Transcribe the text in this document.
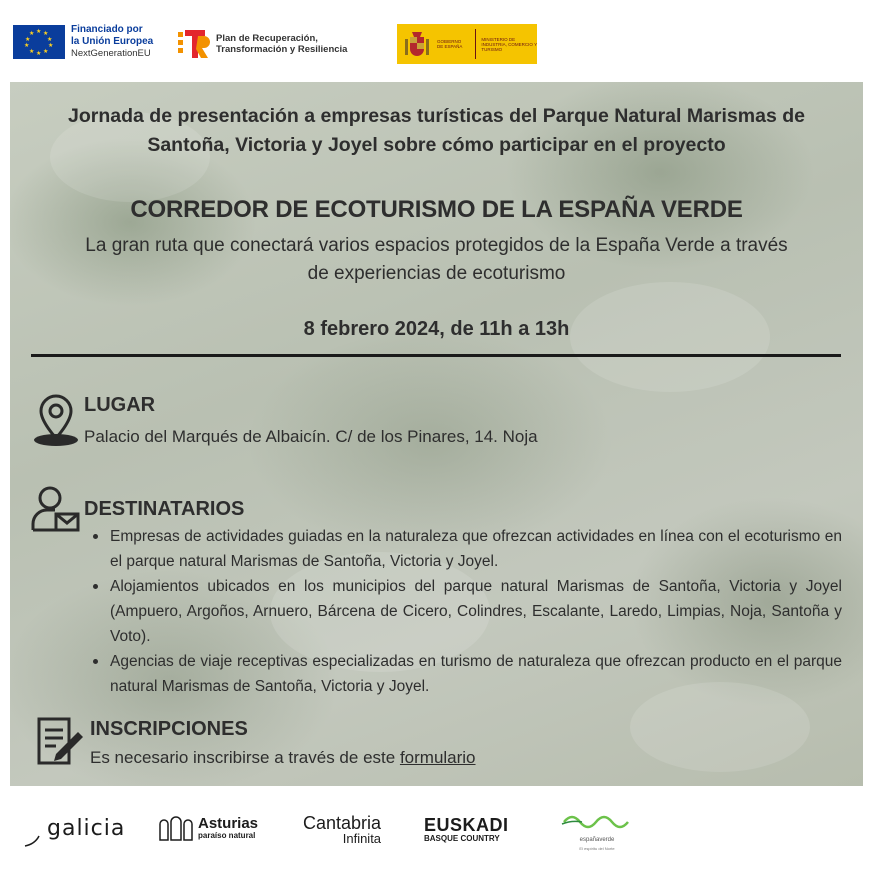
★ ★
★
★
★
★
★
★
★
★	Financiado por
la Unión Europea
NextGenerationEU
Plan de Recuperación,
Transformación y Resiliencia
GOBIERNO DE ESPAÑA
MINISTERIO DE INDUSTRIA, COMERCIO Y TURISMO
Jornada de presentación a empresas turísticas del Parque Natural Marismas de
Santoña, Victoria y Joyel sobre cómo participar en el proyecto
CORREDOR DE ECOTURISMO DE LA ESPAÑA VERDE
La gran ruta que conectará varios espacios protegidos de la España Verde a través
de experiencias de ecoturismo
8 febrero 2024, de 11h a 13h
LUGAR
Palacio del Marqués de Albaicín. C/ de los Pinares, 14. Noja
DESTINATARIOS
Empresas de actividades guiadas en la naturaleza que ofrezcan actividades en línea con el ecoturismo en el parque natural Marismas de Santoña, Victoria y Joyel.
Alojamientos ubicados en los municipios del parque natural Marismas de Santoña, Victoria y Joyel (Ampuero, Argoños, Arnuero, Bárcena de Cicero, Colindres, Escalante, Laredo, Limpias, Noja, Santoña y Voto).
Agencias de viaje receptivas especializadas en turismo de naturaleza que ofrezcan producto en el parque natural Marismas de Santoña, Victoria y Joyel.
INSCRIPCIONES
Es necesario inscribirse a través de este formulario
galicia	Asturias
paraíso natural
Cantabria
Infinita
EUSKADI
BASQUE COUNTRY	españaverde
El espíritu del Norte
